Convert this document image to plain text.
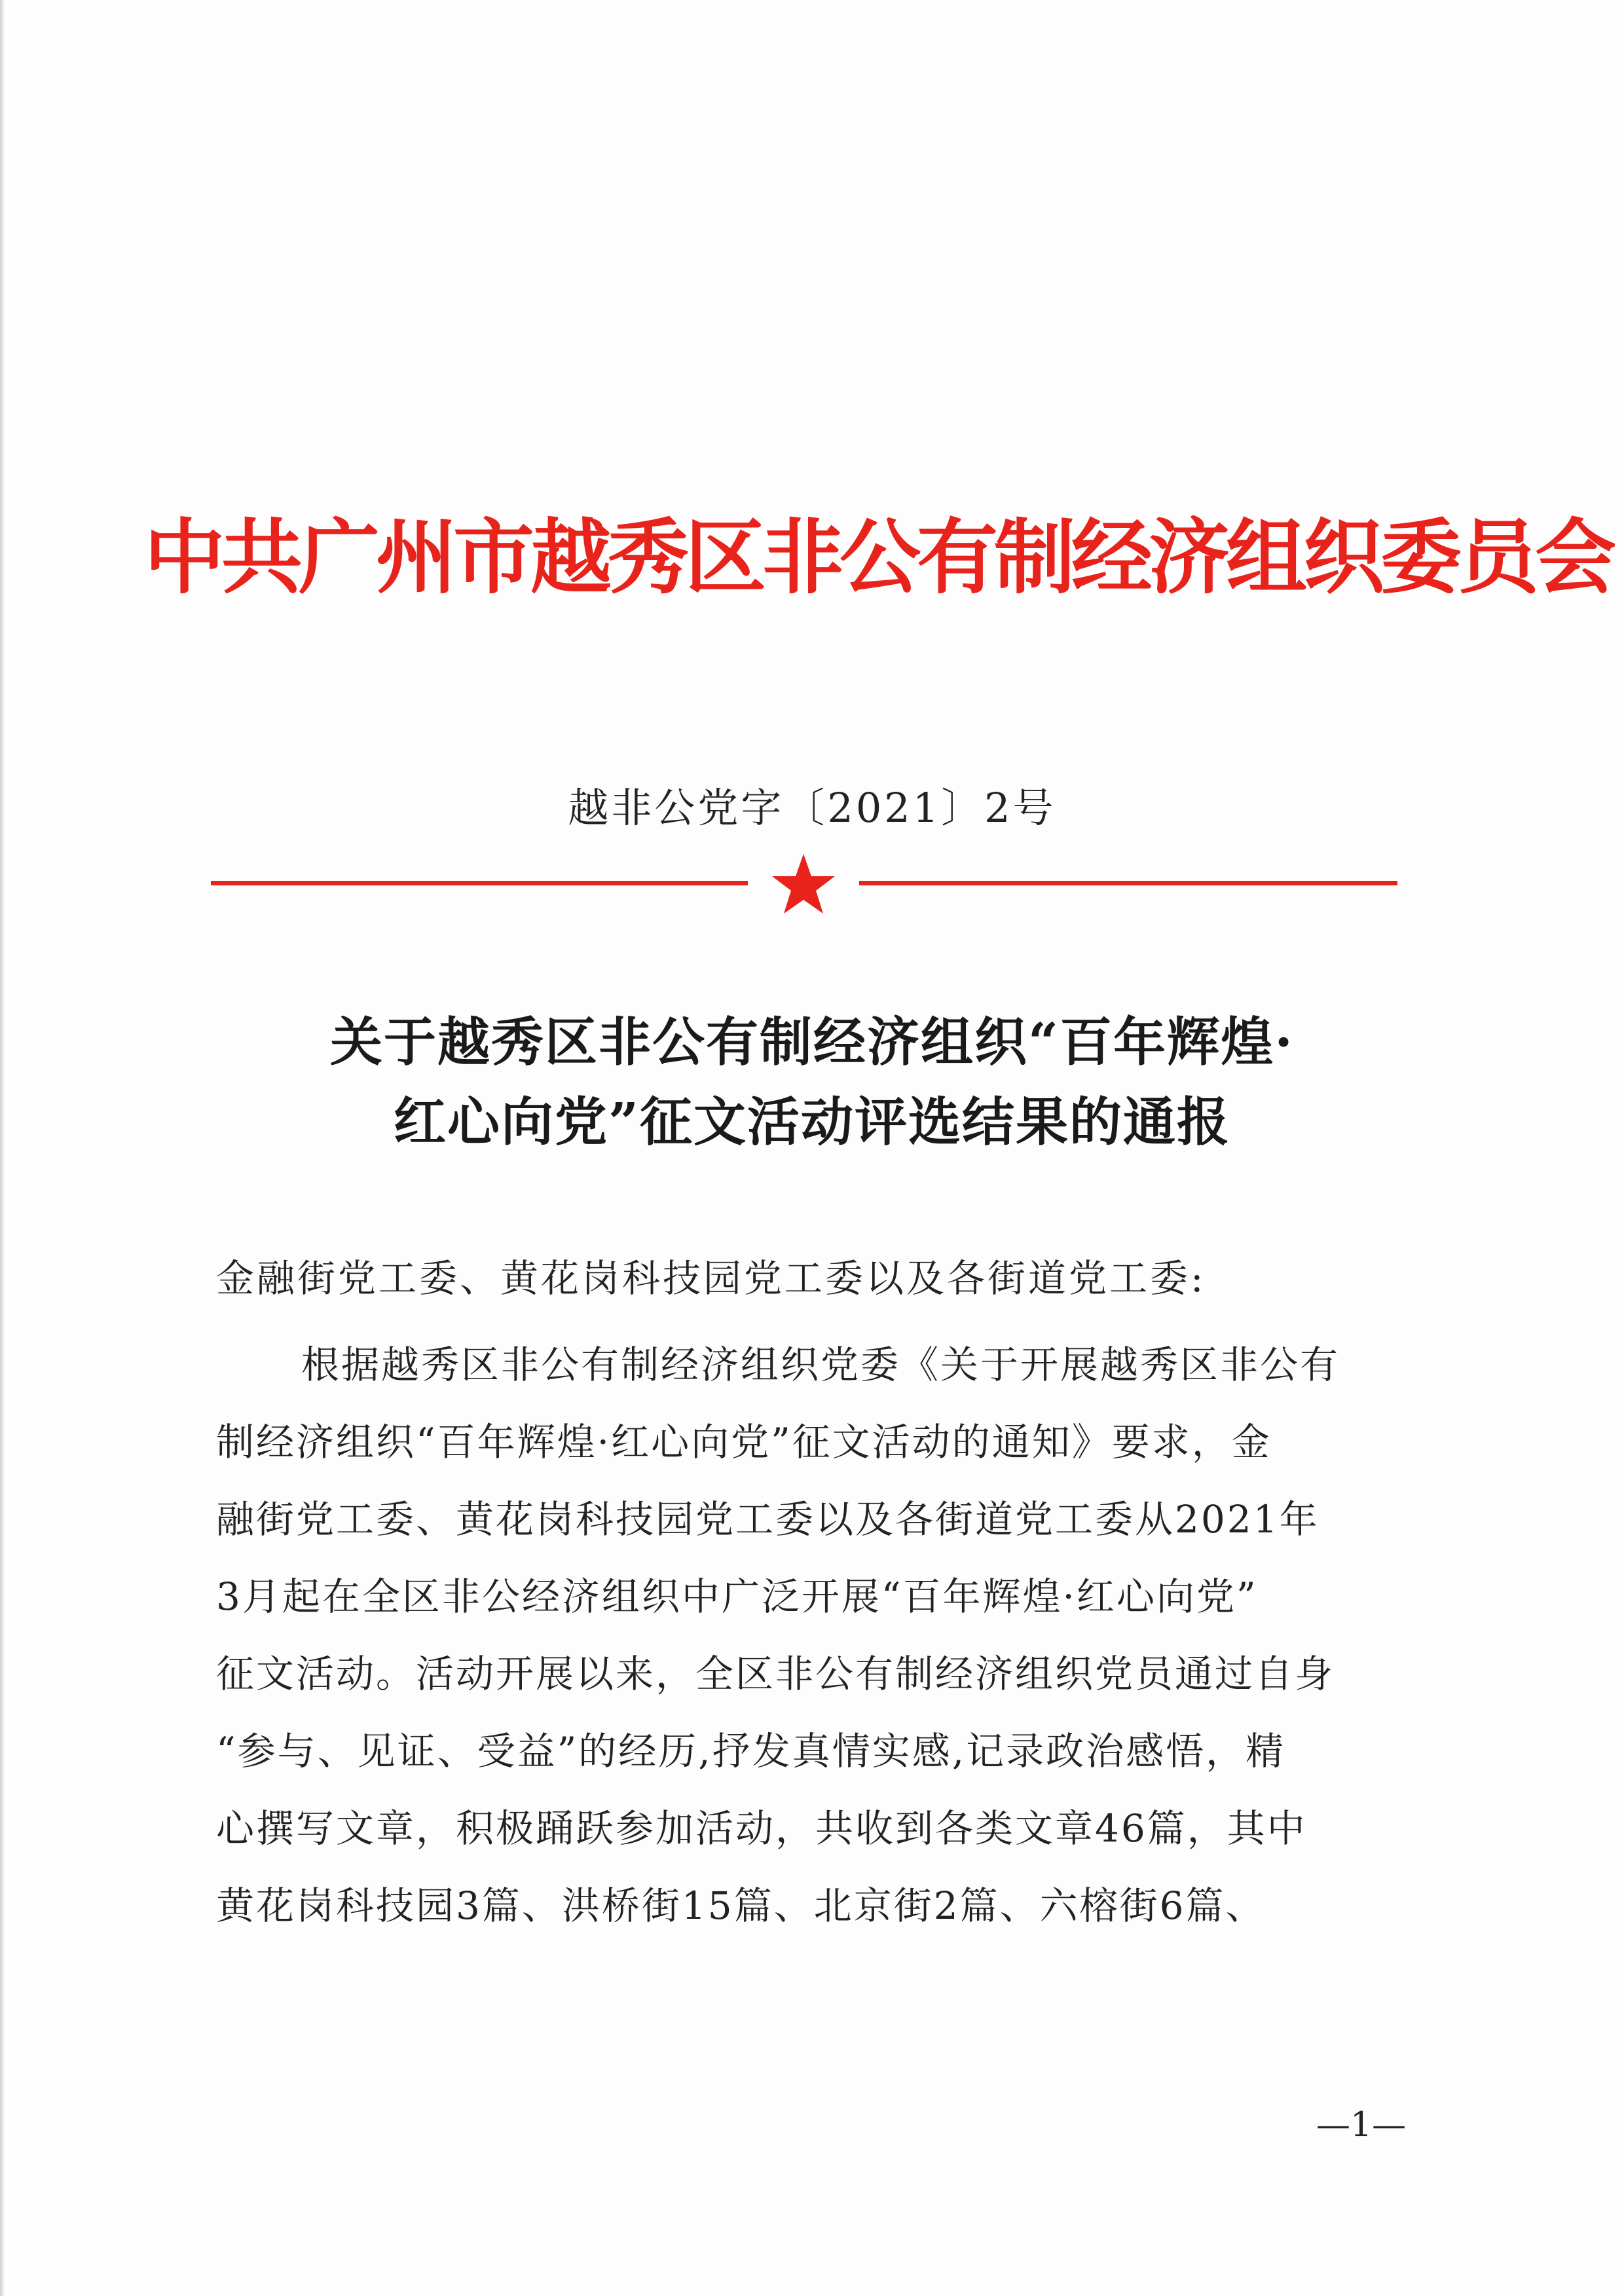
中共广州市越秀区非公有制经济组织委员会
越非公党字〔2021〕2号
关于越秀区非公有制经济组织“百年辉煌·
红心向党”征文活动评选结果的通报
金融街党工委、黄花岗科技园党工委以及各街道党工委:
根据越秀区非公有制经济组织党委《关于开展越秀区非公有
制经济组织“百年辉煌·红心向党”征文活动的通知》要求，金
融街党工委、黄花岗科技园党工委以及各街道党工委从2021年
3月起在全区非公经济组织中广泛开展“百年辉煌·红心向党”
征文活动。活动开展以来，全区非公有制经济组织党员通过自身
“参与、见证、受益”的经历,抒发真情实感,记录政治感悟，精
心撰写文章，积极踊跃参加活动，共收到各类文章46篇，其中
黄花岗科技园3篇、洪桥街15篇、北京街2篇、六榕街6篇、
—1—
